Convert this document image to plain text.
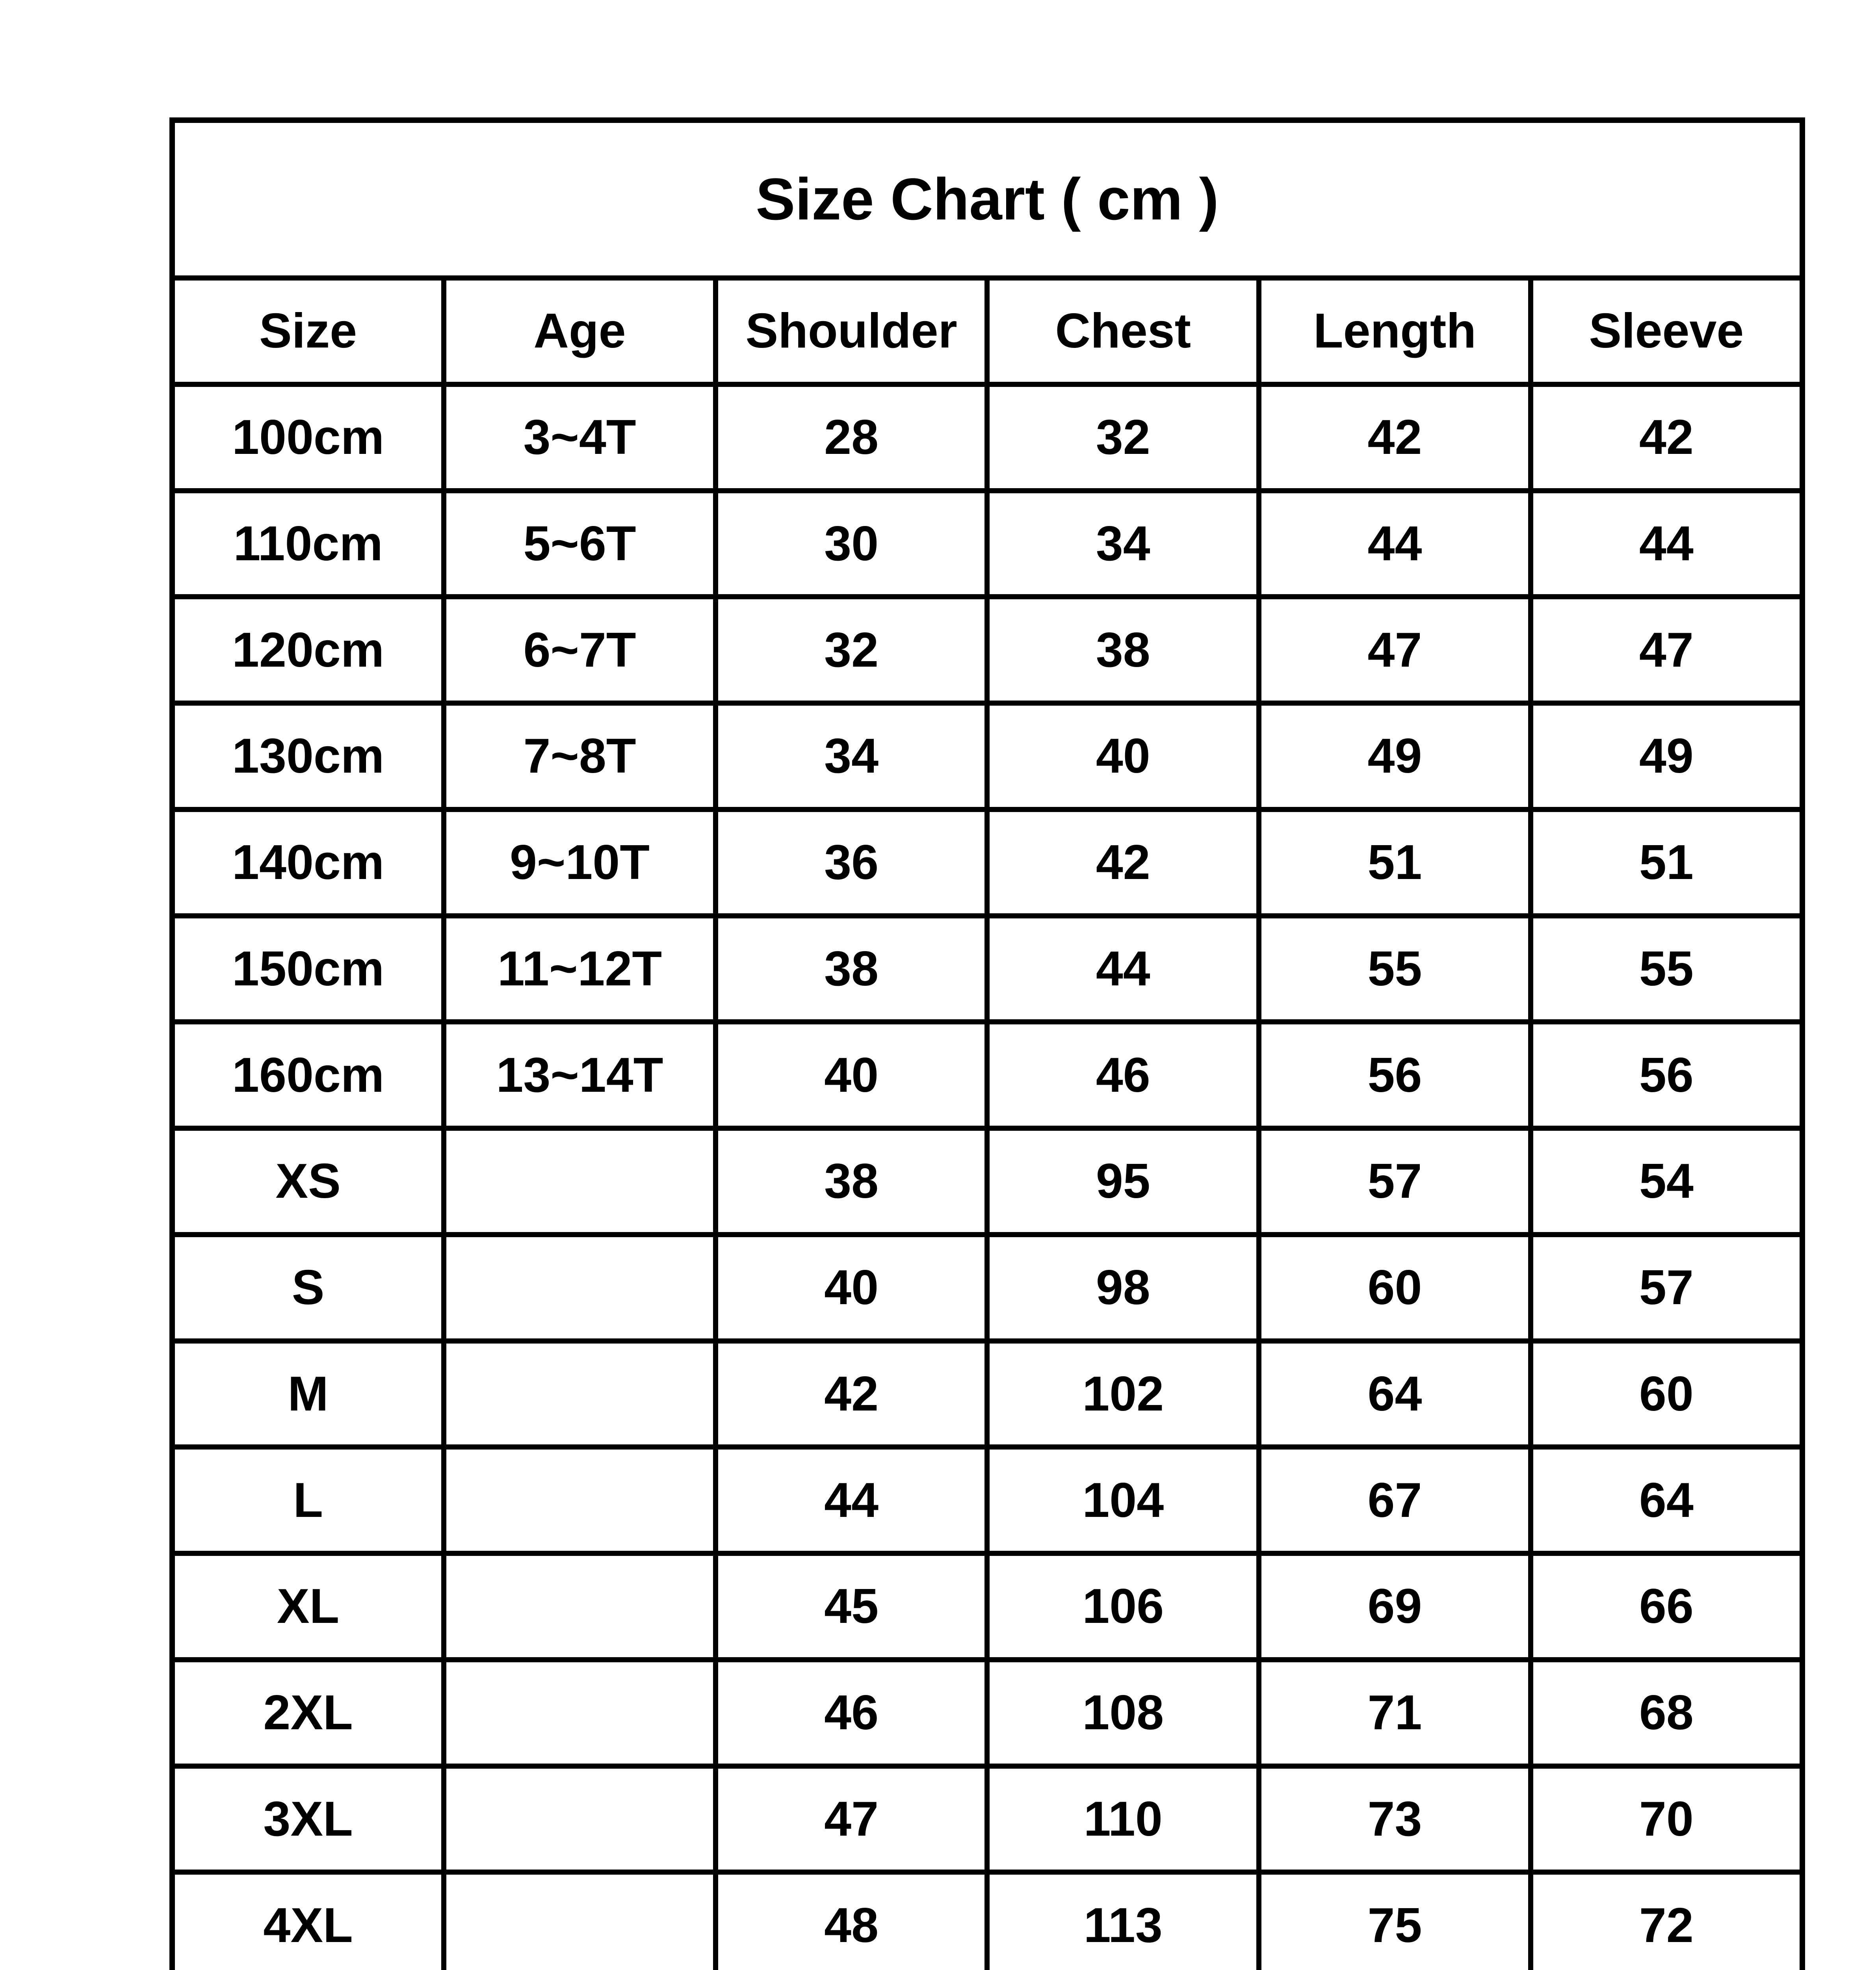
Size Chart ( cm )					
Size	Age	Shoulder	Chest	Length	Sleeve
100cm	3~4T	28	32	42	42
110cm	5~6T	30	34	44	44
120cm	6~7T	32	38	47	47
130cm	7~8T	34	40	49	49
140cm	9~10T	36	42	51	51
150cm	11~12T	38	44	55	55
160cm	13~14T	40	46	56	56
XS		38	95	57	54
S		40	98	60	57
M		42	102	64	60
L		44	104	67	64
XL		45	106	69	66
2XL		46	108	71	68
3XL		47	110	73	70
4XL		48	113	75	72
